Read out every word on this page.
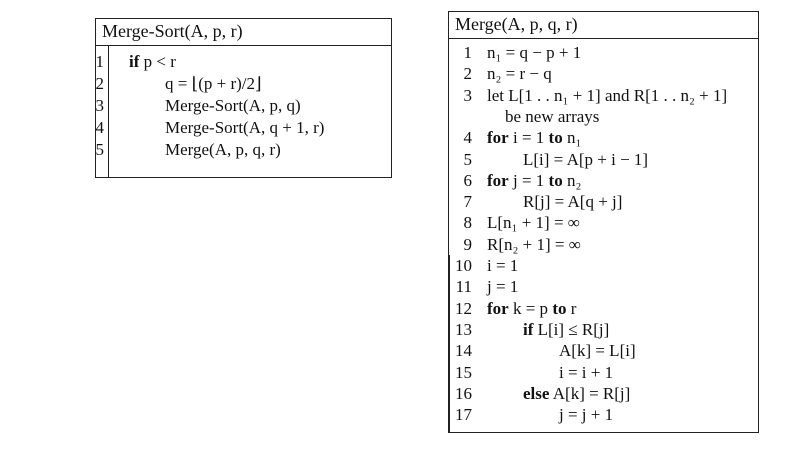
Merge-Sort(A, p, r)
1 if p < r
2	q = ⌊(p + r)/2⌋
3	Merge-Sort(A, p, q)
4	Merge-Sort(A, q + 1, r)
5	Merge(A, p, q, r)
Merge(A, p, q, r)
1 n₁ = q − p + 1
2 n₂ = r − q
3 let L[1 . . n₁ + 1] and R[1 . . n₂ + 1]
be new arrays
4 for i = 1 to n₁
5	L[i] = A[p + i − 1]
6 for j = 1 to n₂
7	R[j] = A[q + j]
8 L[n₁ + 1] = ∞
9 R[n₂ + 1] = ∞
10 i = 1
11 j = 1
12 for k = p to r
13	if L[i] ≤ R[j]
14	A[k] = L[i]
15	i = i + 1
16	else A[k] = R[j]
17	j = j + 1
